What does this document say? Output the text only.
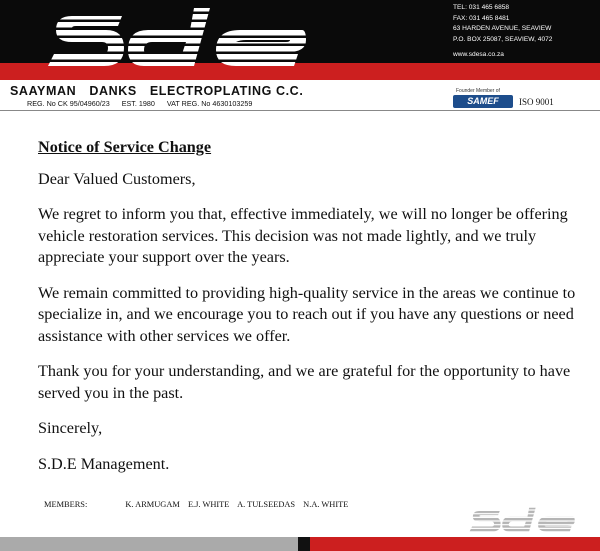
TEL: 031 465 6858
FAX: 031 465 8481
63 HARDEN AVENUE, SEAVIEW
P.O. BOX 25087, SEAVIEW, 4072
www.sdesa.co.za
SAAYMAN DANKS ELECTROPLATING C.C.
REG. No CK 95/04960/23 EST. 1980 VAT REG. No 4630103259
Founder Member of
SAMEF	ISO 9001

Notice of Service Change

Dear Valued Customers,

We regret to inform you that, effective immediately, we will no longer be offering vehicle restoration services. This decision was not made lightly, and we truly appreciate your support over the years.

We remain committed to providing high-quality service in the areas we continue to specialize in, and we encourage you to reach out if you have any questions or need assistance with other services we offer.

Thank you for your understanding, and we are grateful for the opportunity to have served you in the past.

Sincerely,

S.D.E Management.

MEMBERS:	K. ARMUGAM E.J. WHITE A. TULSEEDAS N.A. WHITE
